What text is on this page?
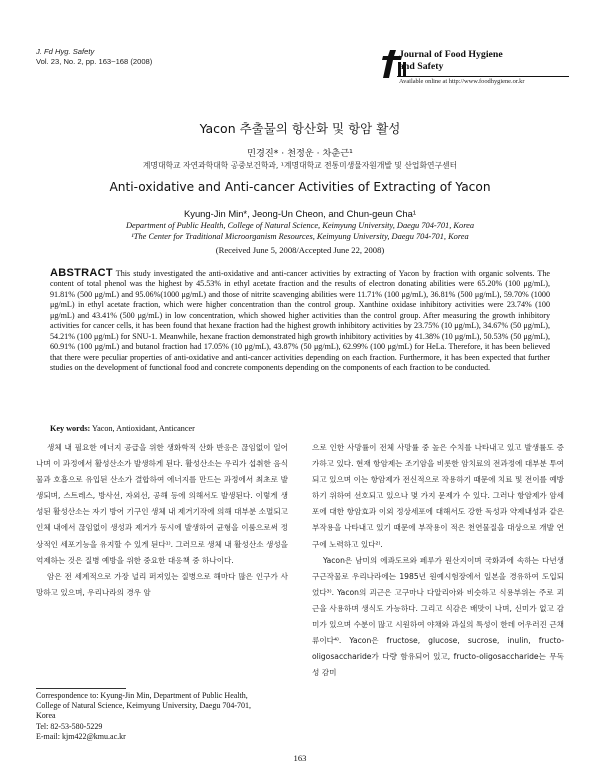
J. Fd Hyg. Safety
Vol. 23, No. 2, pp. 163~168 (2008)
Journal of Food Hygiene
and Safety
Available online at http://www.foodhygiene.or.kr
Yacon 추출물의 항산화 및 항암 활성
민경진* · 천정운 · 차춘근¹
계명대학교 자연과학대학 공중보건학과, ¹계명대학교 전통미생물자원개발 및 산업화연구센터
Anti-oxidative and Anti-cancer Activities of Extracting of Yacon
Kyung-Jin Min*, Jeong-Un Cheon, and Chun-geun Cha¹
Department of Public Health, College of Natural Science, Keimyung University, Daegu 704-701, Korea
¹The Center for Traditional Microorganism Resources, Keimyung University, Daegu 704-701, Korea
(Received June 5, 2008/Accepted June 22, 2008)
ABSTRACT This study investigated the anti-oxidative and anti-cancer activities by extracting of Yacon by fraction with organic solvents. The content of total phenol was the highest by 45.53% in ethyl acetate fraction and the results of electron donating abilities were 65.20% (100 μg/mL), 91.81% (500 μg/mL) and 95.06%(1000 μg/mL) and those of nitrite scavenging abilities were 11.71% (100 μg/mL), 36.81% (500 μg/mL), 59.70% (1000 μg/mL) in ethyl acetate fraction, which were higher concentration than the control group. Xanthine oxidase inhibitory activities were 23.74% (100 μg/mL) and 43.41% (500 μg/mL) in low concentration, which showed higher activities than the control group. After measuring the growth inhibitory activities for cancer cells, it has been found that hexane fraction had the highest growth inhibitory activities by 23.75% (10 μg/mL), 34.67% (50 μg/mL), 54.21% (100 μg/mL) for SNU-1. Meanwhile, hexane fraction demonstrated high growth inhibitory activities by 41.38% (10 μg/mL), 50.53% (50 μg/mL), 60.91% (100 μg/mL) and butanol fraction had 17.05% (10 μg/mL), 43.87% (50 μg/mL), 62.99% (100 μg/mL) for HeLa. Therefore, it has been believed that there were peculiar properties of anti-oxidative and anti-cancer activities depending on each fraction. Furthermore, it has been expected that further studies on the development of functional food and concrete components depending on the components of each fraction to be conducted.
Key words: Yacon, Antioxidant, Anticancer

생체 내 필요한 에너지 공급을 위한 생화학적 산화 반응은 끊임없이 일어나며 이 과정에서 활성산소가 발생하게 된다. 활성산소는 우리가 섭취한 음식물과 호흡으로 유입된 산소가 결합하여 에너지를 만드는 과정에서 최초로 발생되며, 스트레스, 방사선, 자외선, 공해 등에 의해서도 발생된다. 이렇게 생성된 활성산소는 자기 방어 기구인 생체 내 제거기작에 의해 대부분 소멸되고 인체 내에서 끊임없이 생성과 제거가 동시에 발생하여 균형을 이룸으로써 정상적인 세포기능을 유지할 수 있게 된다¹⁾. 그러므로 생체 내 활성산소 생성을 억제하는 것은 질병 예방을 위한 중요한 대응책 중 하나이다.

암은 전 세계적으로 가장 널리 퍼져있는 질병으로 해마다 많은 인구가 사망하고 있으며, 우리나라의 경우 암

으로 인한 사망률이 전체 사망률 중 높은 수치를 나타내고 있고 발생률도 증가하고 있다. 현재 항암제는 조기암을 비롯한 암치료의 전과정에 대부분 투여되고 있으며 이는 항암제가 전신적으로 작용하기 때문에 치료 및 전이를 예방하기 위하여 선호되고 있으나 몇 가지 문제가 수 있다. 그러나 항암제가 암세포에 대한 항암효과 이외 정상세포에 대해서도 강한 독성과 약제내성과 같은 부작용을 나타내고 있기 때문에 부작용이 적은 천연물질을 대상으로 개발 연구에 노력하고 있다²⁾.

Yacon은 남미의 에콰도르와 페루가 원산지이며 국화과에 속하는 다년생 구근작물로 우리나라에는 1985년 원예시험장에서 일본을 경유하여 도입되었다³⁾. Yacon의 괴근은 고구마나 다알리아와 비슷하고 식용부위는 주로 괴근을 사용하며 생식도 가능하다. 그리고 식감은 배맛이 나며, 신미가 없고 감미가 있으며 수분이 많고 시원하여 야채와 과실의 특성이 한데 어우러진 근채류이다⁴⁾. Yacon은 fructose, glucose, sucrose, inulin, fructo-oligosaccharide가 다량 함유되어 있고, fructo-oligosaccharide는 무독성 감미

Correspondence to: Kyung-Jin Min, Department of Public Health,
College of Natural Science, Keimyung University, Daegu 704-701,
Korea
Tel: 82-53-580-5229
E-mail: kjm422@kmu.ac.kr
163
